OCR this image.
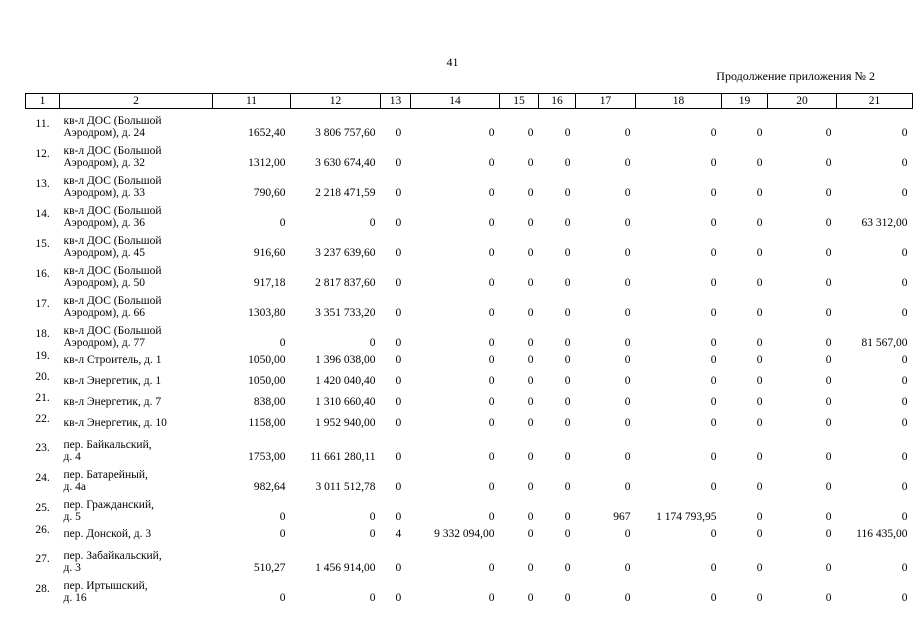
41
Продолжение приложения № 2
1	2	11	12	13	14	15	16	17	18	19	20	21
11.	кв-л ДОС (Большой
Аэродром), д. 24	1652,40	3 806 757,60	0	0	0	0	0	0	0	0	0
12.	кв-л ДОС (Большой
Аэродром), д. 32	1312,00	3 630 674,40	0	0	0	0	0	0	0	0	0
13.	кв-л ДОС (Большой
Аэродром), д. 33	790,60	2 218 471,59	0	0	0	0	0	0	0	0	0
14.	кв-л ДОС (Большой
Аэродром), д. 36	0	0	0	0	0	0	0	0	0	0	63 312,00
15.	кв-л ДОС (Большой
Аэродром), д. 45	916,60	3 237 639,60	0	0	0	0	0	0	0	0	0
16.	кв-л ДОС (Большой
Аэродром), д. 50	917,18	2 817 837,60	0	0	0	0	0	0	0	0	0
17.	кв-л ДОС (Большой
Аэродром), д. 66	1303,80	3 351 733,20	0	0	0	0	0	0	0	0	0
18.	кв-л ДОС (Большой
Аэродром), д. 77	0	0	0	0	0	0	0	0	0	0	81 567,00
19.	кв-л Строитель, д. 1	1050,00	1 396 038,00	0	0	0	0	0	0	0	0	0
20.	кв-л Энергетик, д. 1	1050,00	1 420 040,40	0	0	0	0	0	0	0	0	0
21.	кв-л Энергетик, д. 7	838,00	1 310 660,40	0	0	0	0	0	0	0	0	0
22.	кв-л Энергетик, д. 10	1158,00	1 952 940,00	0	0	0	0	0	0	0	0	0
23.	пер. Байкальский,
д. 4	1753,00	11 661 280,11	0	0	0	0	0	0	0	0	0
24.	пер. Батарейный,
д. 4а	982,64	3 011 512,78	0	0	0	0	0	0	0	0	0
25.	пер. Гражданский,
д. 5	0	0	0	0	0	0	967	1 174 793,95	0	0	0
26.	пер. Донской, д. 3	0	0	4	9 332 094,00	0	0	0	0	0	0	116 435,00
27.	пер. Забайкальский,
д. 3	510,27	1 456 914,00	0	0	0	0	0	0	0	0	0
28.	пер. Иртышский,
д. 16	0	0	0	0	0	0	0	0	0	0	0
